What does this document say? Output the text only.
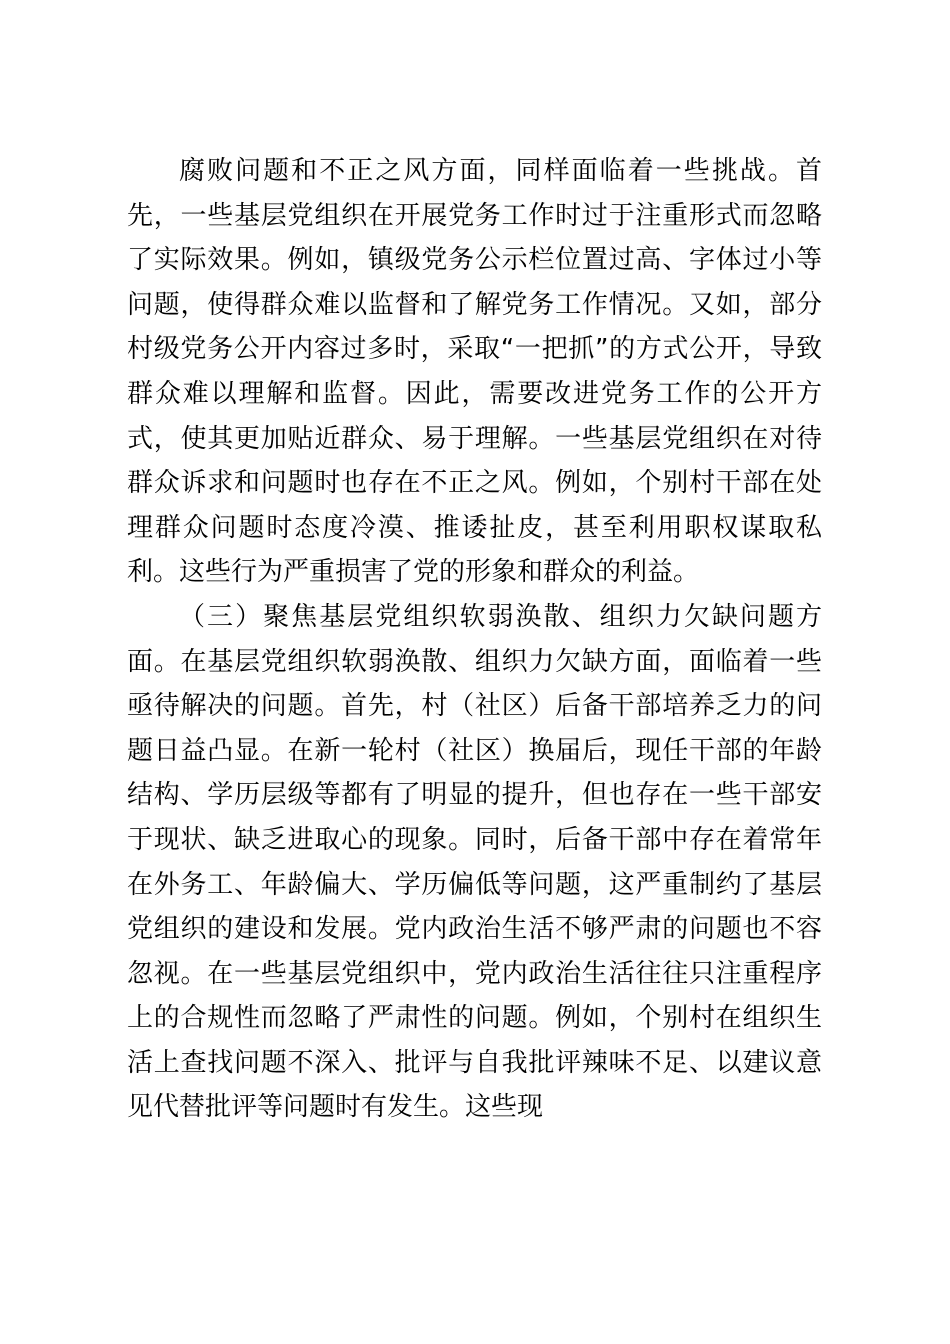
腐败问题和不正之风方面，同样面临着一些挑战。首先，一些基层党组织在开展党务工作时过于注重形式而忽略了实际效果。例如，镇级党务公示栏位置过高、字体过小等问题，使得群众难以监督和了解党务工作情况。又如，部分村级党务公开内容过多时，采取“一把抓”的方式公开，导致群众难以理解和监督。因此，需要改进党务工作的公开方式，使其更加贴近群众、易于理解。一些基层党组织在对待群众诉求和问题时也存在不正之风。例如，个别村干部在处理群众问题时态度冷漠、推诿扯皮，甚至利用职权谋取私利。这些行为严重损害了党的形象和群众的利益。

（三）聚焦基层党组织软弱涣散、组织力欠缺问题方面。在基层党组织软弱涣散、组织力欠缺方面，面临着一些亟待解决的问题。首先，村（社区）后备干部培养乏力的问题日益凸显。在新一轮村（社区）换届后，现任干部的年龄结构、学历层级等都有了明显的提升，但也存在一些干部安于现状、缺乏进取心的现象。同时，后备干部中存在着常年在外务工、年龄偏大、学历偏低等问题，这严重制约了基层党组织的建设和发展。党内政治生活不够严肃的问题也不容忽视。在一些基层党组织中，党内政治生活往往只注重程序上的合规性而忽略了严肃性的问题。例如，个别村在组织生活上查找问题不深入、批评与自我批评辣味不足、以建议意见代替批评等问题时有发生。这些现
